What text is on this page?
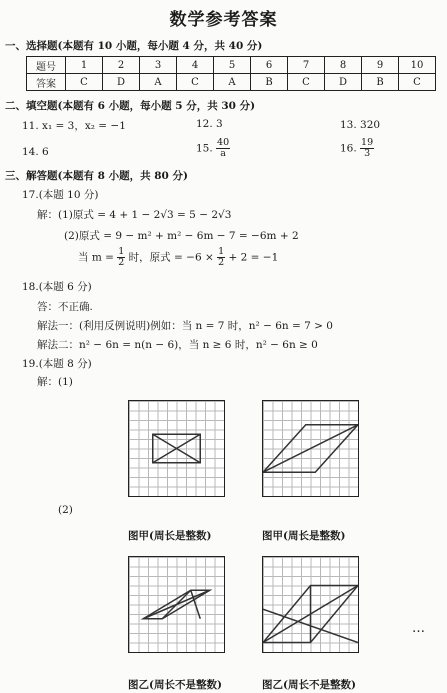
数学参考答案
一、选择题(本题有 10 小题，每小题 4 分，共 40 分)
题号	1	2	3	4	5	6	7	8	9	10
答案	C	D	A	C	A	B	C	D	B	C
二、填空题(本题有 6 小题，每小题 5 分，共 30 分)
11. x₁ = 3，x₂ = −1	12. 3	13. 320
14. 6	15. $\frac{40}{a}$	16. $\frac{19}{3}$
三、解答题(本题有 8 小题，共 80 分)
17.(本题 10 分)
解：(1)原式 = 4 + 1 − 2√3 = 5 − 2√3
(2)原式 = 9 − m² + m² − 6m − 7 = −6m + 2
当 $m = \frac{1}{2}$ 时，原式 = $-6 \times \frac{1}{2} + 2 = -1$
18.(本题 6 分)
答：不正确.
解法一：(利用反例说明)例如：当 n = 7 时，n² − 6n = 7 > 0
解法二：n² − 6n = n(n − 6)，当 n ≥ 6 时，n² − 6n ≥ 0
19.(本题 8 分)
解：(1)
(2)
图甲(周长是整数)	图甲(周长是整数)
图乙(周长不是整数)	图乙(周长不是整数)
…
